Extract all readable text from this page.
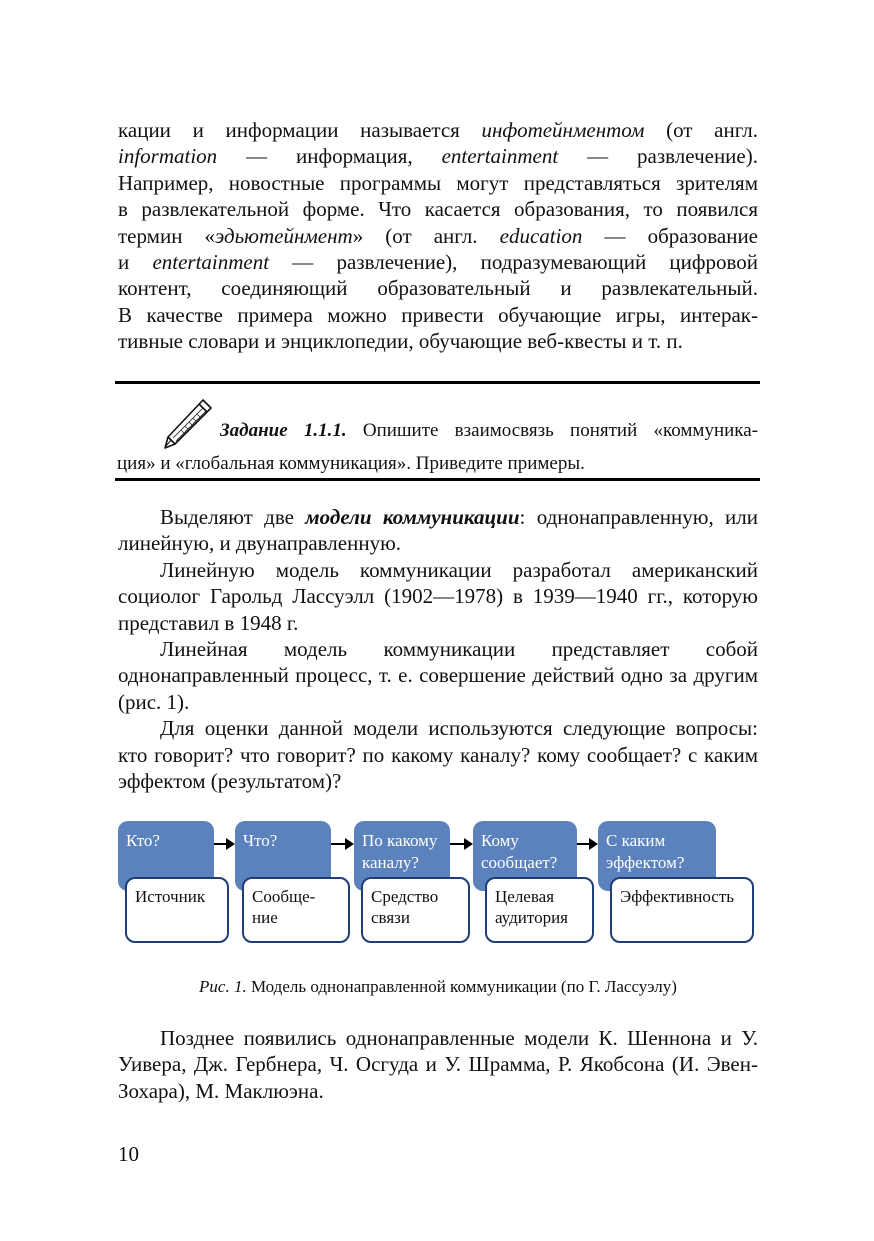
кации и информации называется инфотейнментом (от англ.

information — информация, entertainment — развлечение).

Например, новостные программы могут представляться зрителям

в развлекательной форме. Что касается образования, то появился

термин «эдьютейнмент» (от англ. education — образование

и entertainment — развлечение), подразумевающий цифровой

контент, соединяющий образовательный и развлекательный.

В качестве примера можно привести обучающие игры, интерак-

тивные словари и энциклопедии, обучающие веб-квесты и т. п.

Задание 1.1.1. Опишите взаимосвязь понятий «коммуника-
ция» и «глобальная коммуникация». Приведите примеры.

Выделяют две модели коммуникации: однонаправленную, или линейную, и двунаправленную.

Линейную модель коммуникации разработал американский социолог Гарольд Лассуэлл (1902—1978) в 1939—1940 гг., которую представил в 1948 г.

Линейная модель коммуникации представляет собой однонаправленный процесс, т. е. совершение действий одно за другим (рис. 1).

Для оценки данной модели используются следующие вопросы: кто говорит? что говорит? по какому каналу? кому сообщает? с каким эффектом (результатом)?

Кто?	Что?	По какому каналу?
Кому сообщает?
С каким эффектом?
Источник	Сообще-ние
Средство связи
Целевая аудитория
Эффективность
Рис. 1. Модель однонаправленной коммуникации (по Г. Лассуэлу)

Позднее появились однонаправленные модели К. Шеннона и У. Уивера, Дж. Гербнера, Ч. Осгуда и У. Шрамма, Р. Якобсона (И. Эвен-Зохара), М. Маклюэна.

10
